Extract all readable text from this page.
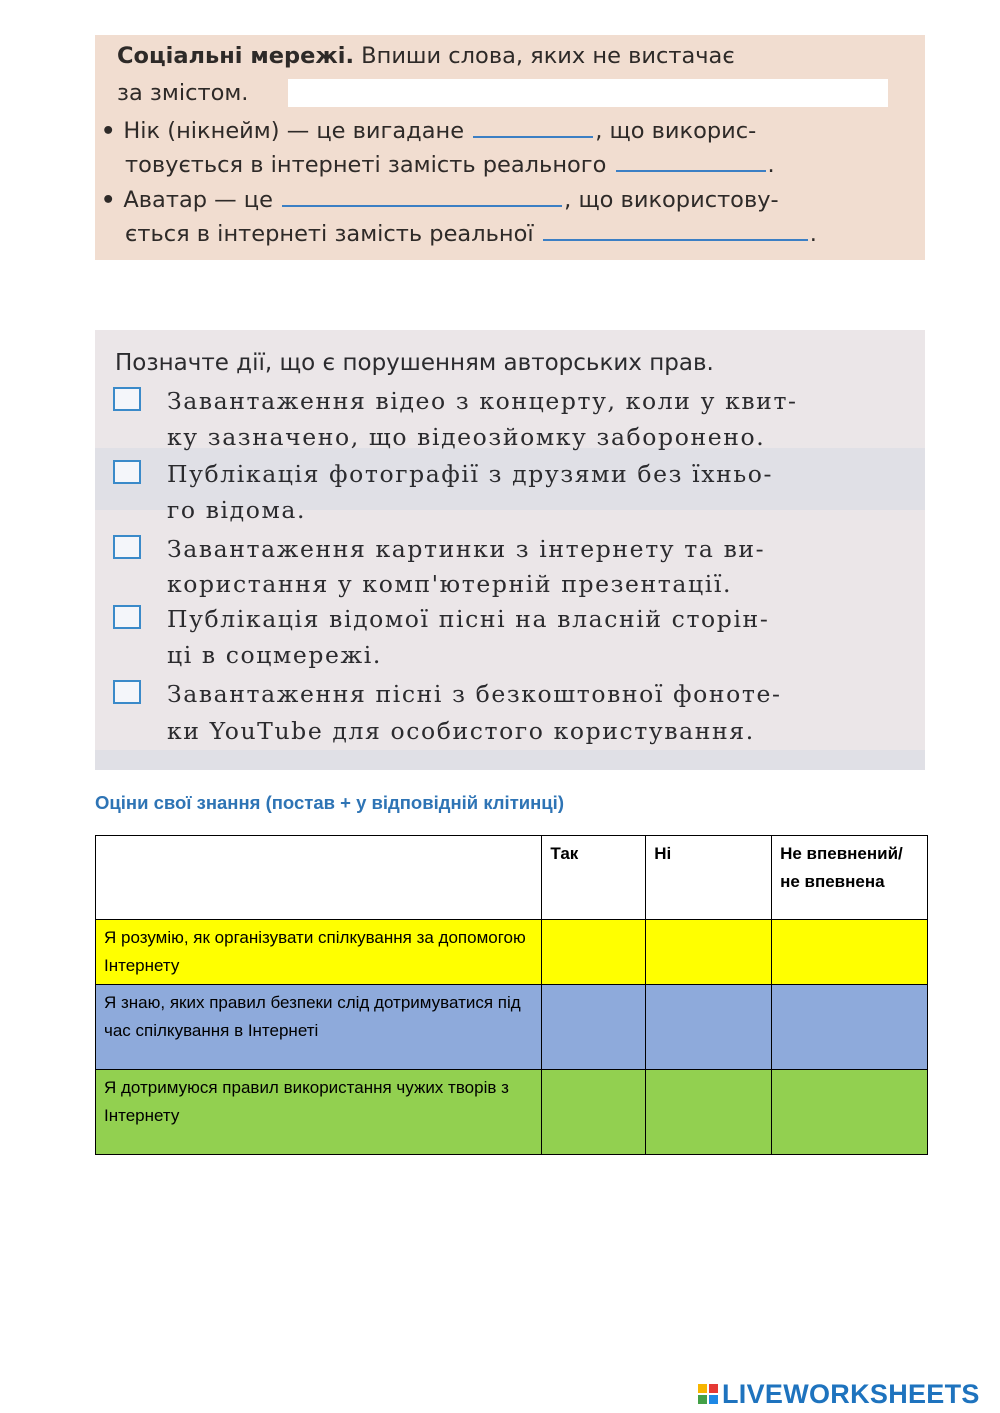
Соціальні мережі. Впиши слова, яких не вистачає
за змістом.
• Нік (нікнейм) — це вигадане	, що викорис-
товується в інтернеті замість реального	.
• Аватар — це	, що використову-
ється в інтернеті замість реальної	.
Позначте дії, що є порушенням авторських прав.
Завантаження відео з концерту, коли у квит-
ку зазначено, що відеозйомку заборонено.
Публікація фотографії з друзями без їхньо-
го відома.
Завантаження картинки з інтернету та ви-
користання у комп'ютерній презентації.
Публікація відомої пісні на власній сторін-
ці в соцмережі.
Завантаження пісні з безкоштовної фоноте-
ки YouTube для особистого користування.
Оціни свої знання (постав + у відповідній клітинці)
	Так	Ні	Не впевнений/не впевнена
Я розумію, як організувати спілкування за допомогою Інтернету			
Я знаю, яких правил безпеки слід дотримуватися під час спілкування в Інтернеті			
Я дотримуюся правил використання чужих творів з Інтернету			
LIVEWORKSHEETS
